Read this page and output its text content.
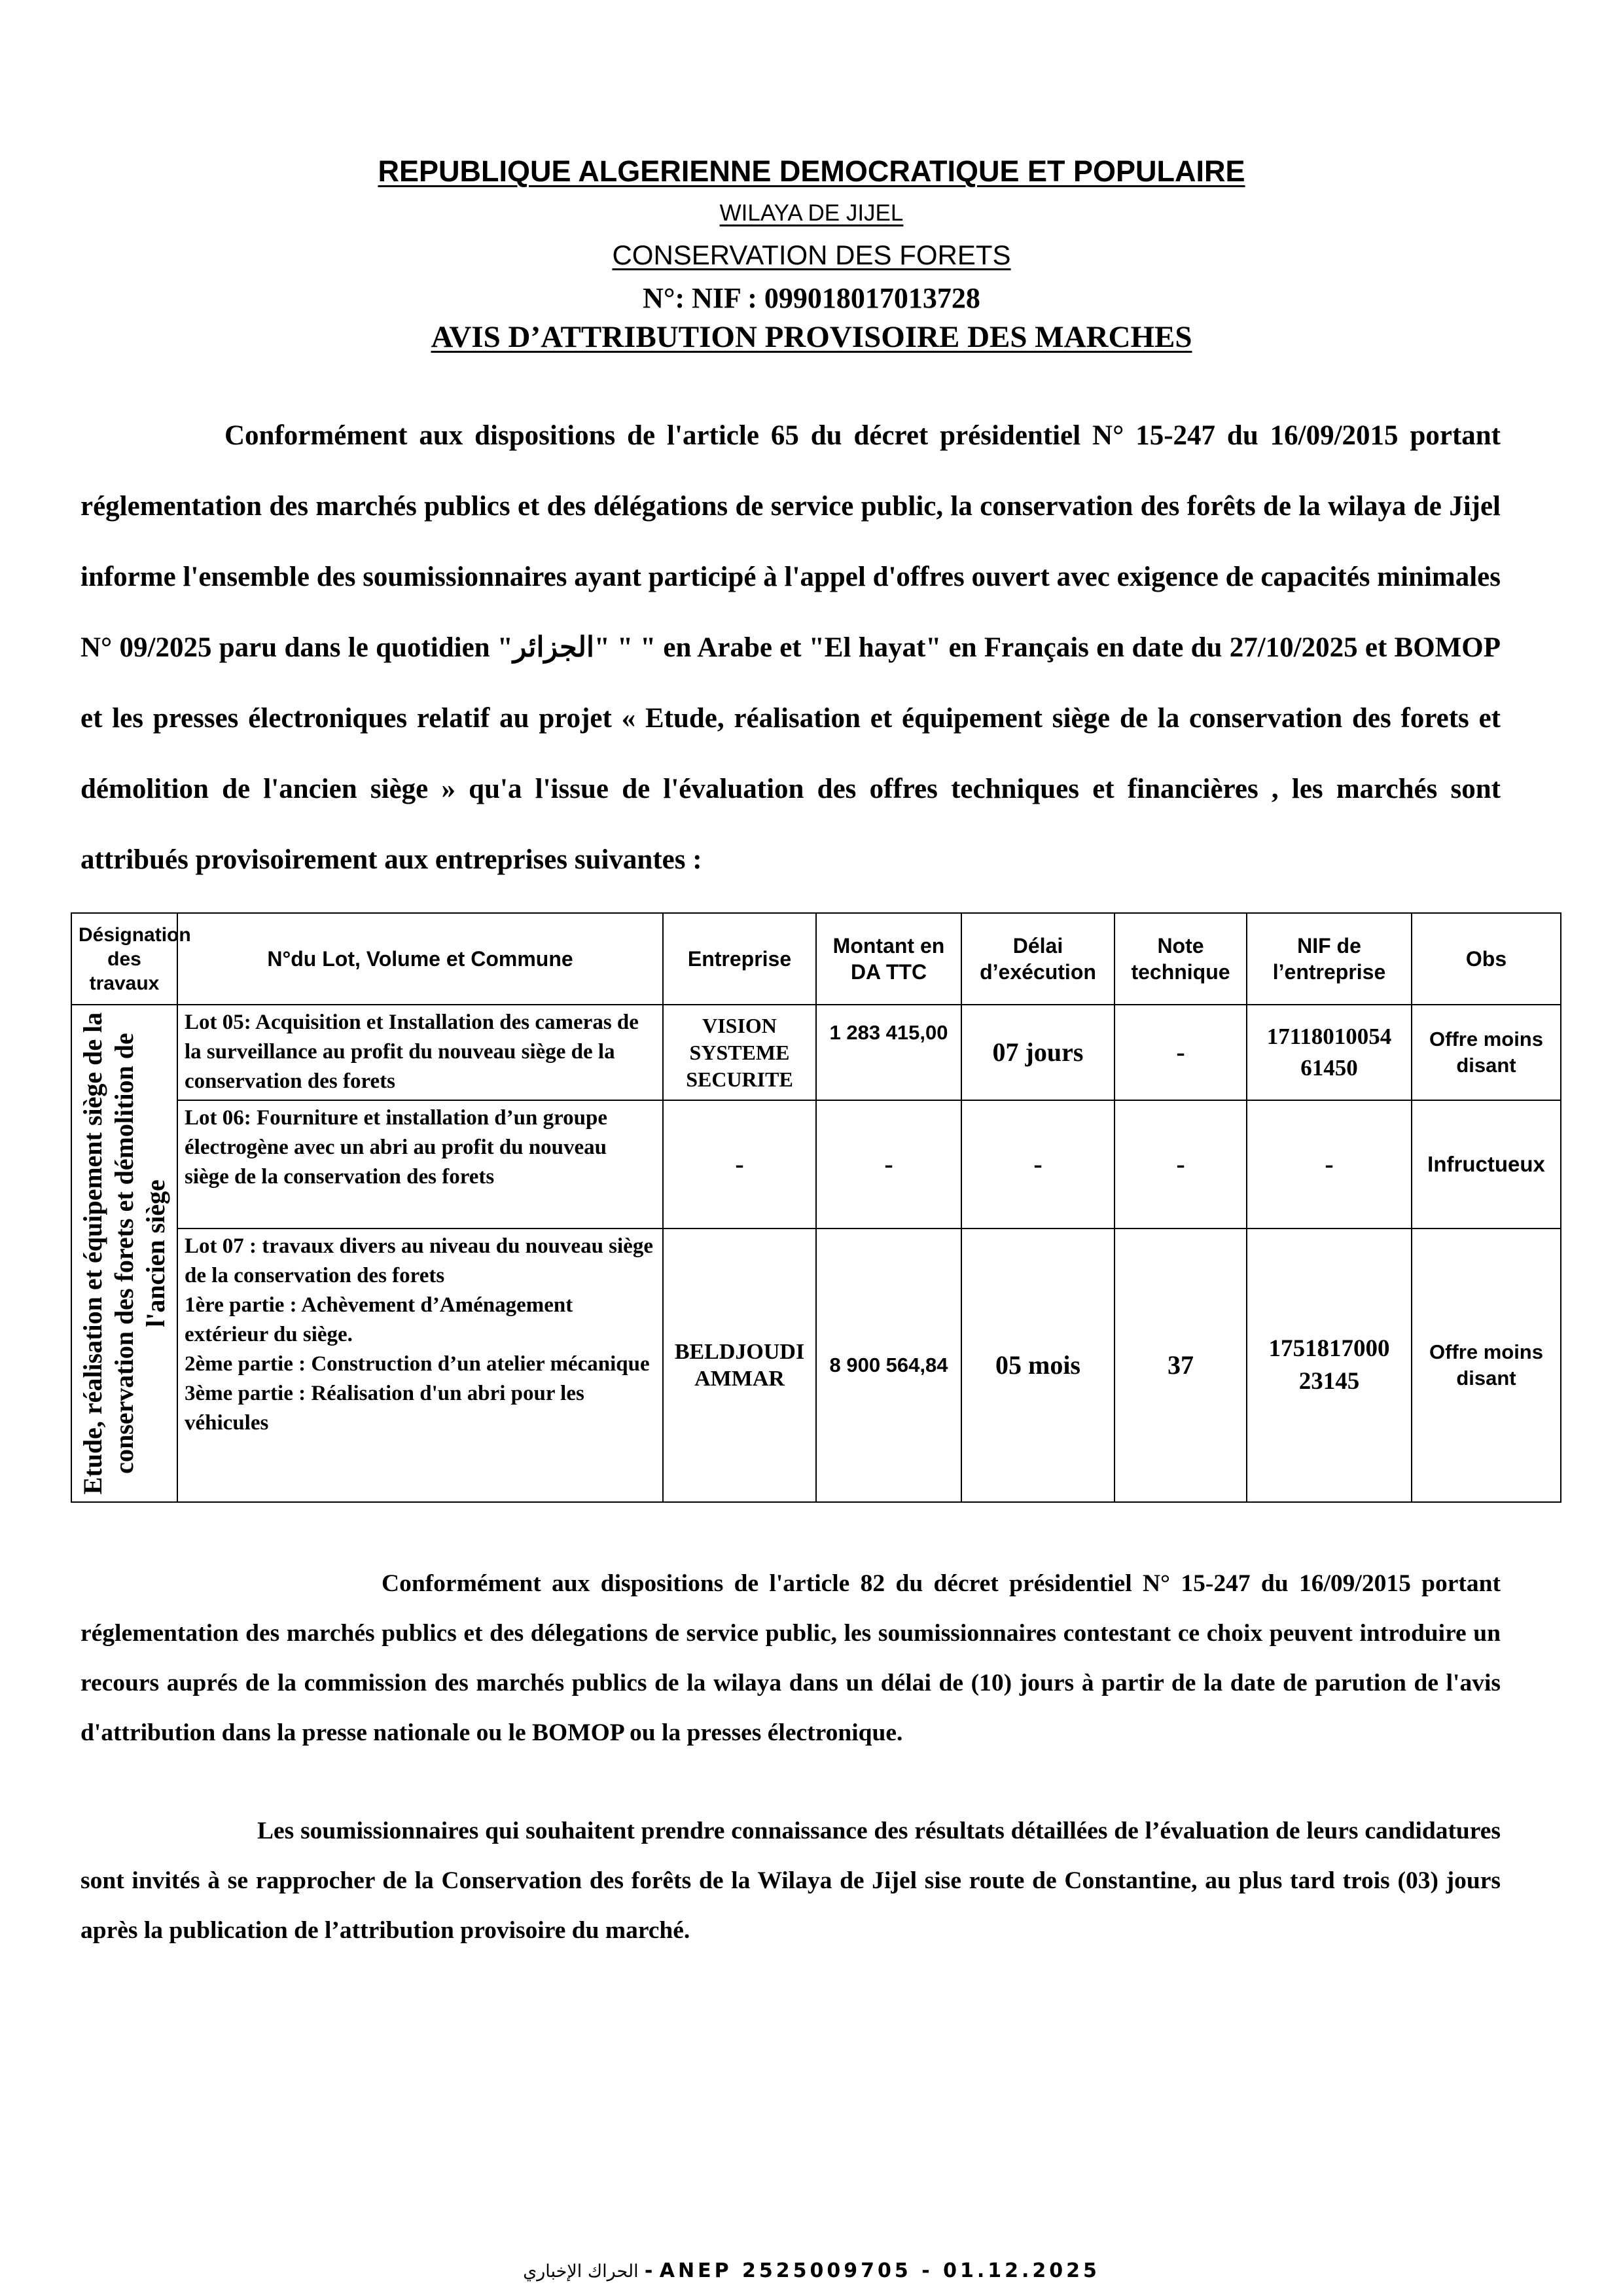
REPUBLIQUE ALGERIENNE DEMOCRATIQUE ET POPULAIRE
WILAYA DE JIJEL
CONSERVATION DES FORETS
N°: NIF : 099018017013728
AVIS D’ATTRIBUTION PROVISOIRE DES MARCHES
Conformément aux dispositions de l'article 65 du décret présidentiel N° 15-247 du 16/09/2015 portant réglementation des marchés publics et des délégations de service public, la conservation des forêts de la wilaya de Jijel informe l'ensemble des soumissionnaires ayant participé à l'appel d'offres ouvert avec exigence de capacités minimales N° 09/2025 paru dans le quotidien "الجزائر" " " en Arabe et "El hayat" en Français en date du 27/10/2025 et BOMOP et les presses électroniques relatif au projet « Etude, réalisation et équipement siège de la conservation des forets et démolition de l'ancien siège » qu'a l'issue de l'évaluation des offres techniques et financières , les marchés sont attribués provisoirement aux entreprises suivantes :
Désignation des travaux	N°du Lot, Volume et Commune	Entreprise	Montant en DA TTC	Délai d’exécution	Note technique	NIF de l’entreprise	Obs

Etude, réalisation et équipement siège de la conservation des forets et démolition de l'ancien siège	Lot 05: Acquisition et Installation des cameras de la surveillance au profit du nouveau siège de la conservation des forets	VISION SYSTEME SECURITE	1 283 415,00	07 jours	-	17118010054 61450	Offre moins disant
	Lot 06: Fourniture et installation d’un groupe électrogène avec un abri au profit du nouveau siège de la conservation des forets	-	-	-	-	-	Infructueux

	Lot 07 : travaux divers au niveau du nouveau siège de la conservation des forets
1ère partie : Achèvement d’Aménagement extérieur du siège.
2ème partie : Construction d’un atelier mécanique
3ème partie : Réalisation d'un abri pour les véhicules	BELDJOUDI AMMAR	8 900 564,84	05 mois	37	1751817000 23145	Offre moins disant
Conformément aux dispositions de l'article 82 du décret présidentiel N° 15-247 du 16/09/2015 portant réglementation des marchés publics et des délegations de service public, les soumissionnaires contestant ce choix peuvent introduire un recours auprés de la commission des marchés publics de la wilaya dans un délai de (10) jours à partir de la date de parution de l'avis d'attribution dans la presse nationale ou le BOMOP ou la presses électronique.
Les soumissionnaires qui souhaitent prendre connaissance des résultats détaillées de l’évaluation de leurs candidatures sont invités à se rapprocher de la Conservation des forêts de la Wilaya de Jijel sise route de Constantine, au plus tard trois (03) jours après la publication de l’attribution provisoire du marché.
الحراك الإخباري - ANEP 2525009705 - 01.12.2025
